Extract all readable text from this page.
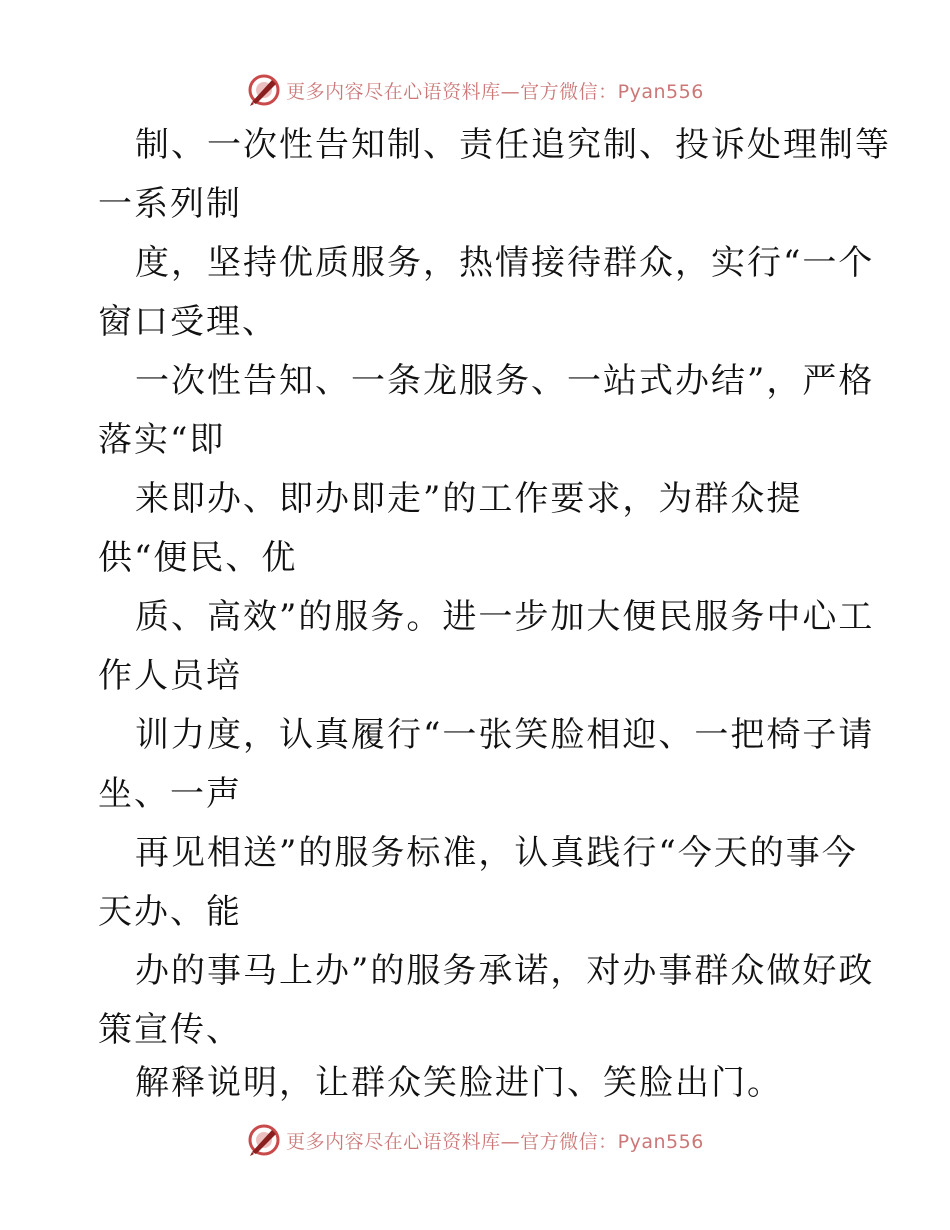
更多内容尽在心语资料库—官方微信：Pyan556
制、一次性告知制、责任追究制、投诉处理制等
一系列制
度，坚持优质服务，热情接待群众，实行“一个
窗口受理、
一次性告知、一条龙服务、一站式办结”，严格
落实“即
来即办、即办即走”的工作要求，为群众提
供“便民、优
质、高效”的服务。进一步加大便民服务中心工
作人员培
训力度，认真履行“一张笑脸相迎、一把椅子请
坐、一声
再见相送”的服务标准，认真践行“今天的事今
天办、能
办的事马上办”的服务承诺，对办事群众做好政
策宣传、
解释说明，让群众笑脸进门、笑脸出门。
更多内容尽在心语资料库—官方微信：Pyan556
